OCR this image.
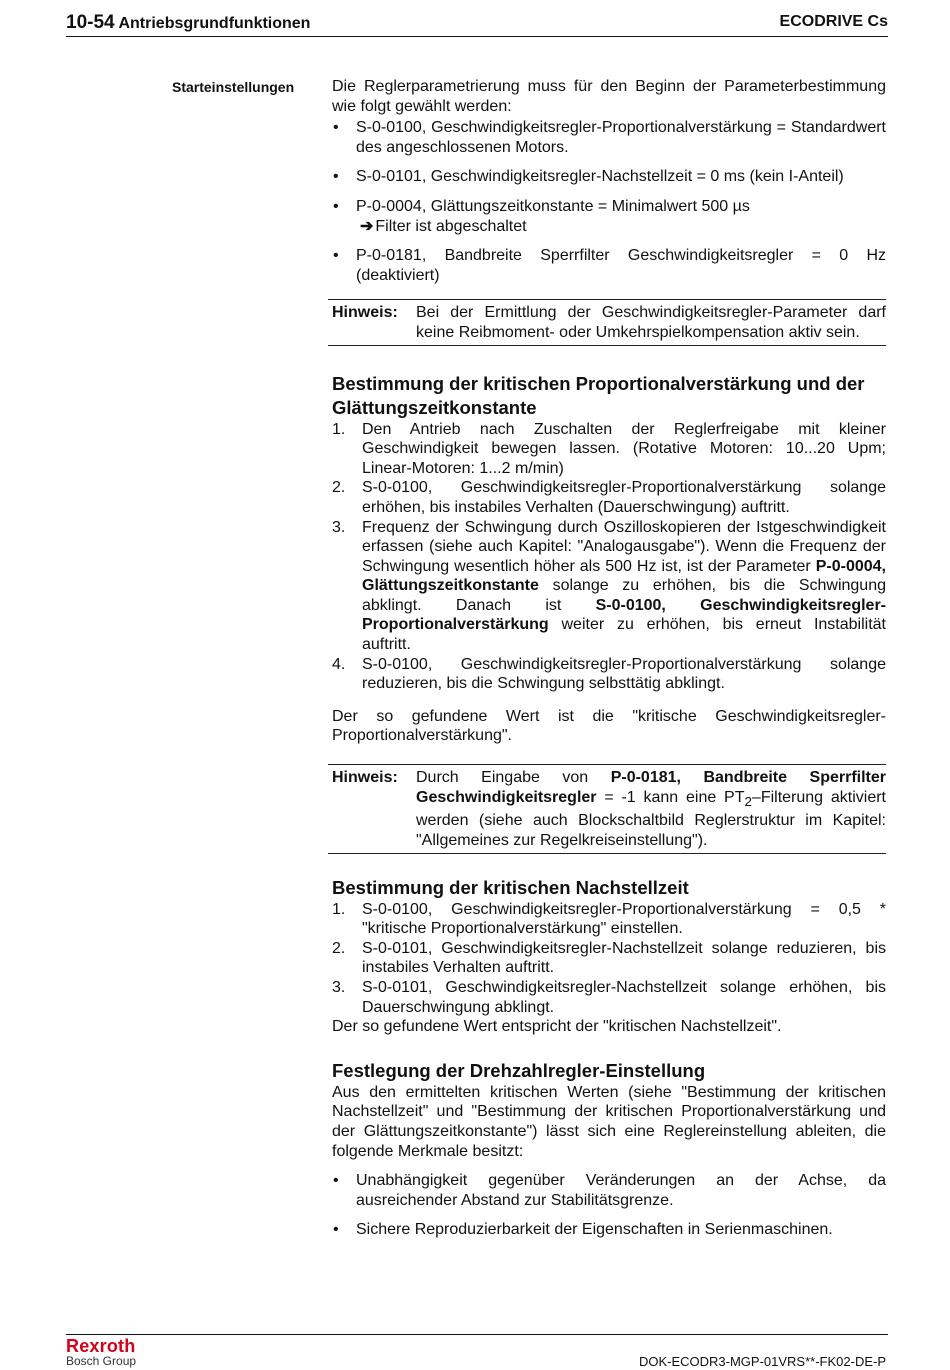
10-54 Antriebsgrundfunktionen	ECODRIVE Cs
Starteinstellungen Die Reglerparametrierung muss für den Beginn der Parameterbestimmung wie folgt gewählt werden:

• S-0-0100, Geschwindigkeitsregler-Proportionalverstärkung = Standardwert des angeschlossenen Motors.
• S-0-0101, Geschwindigkeitsregler-Nachstellzeit = 0 ms (kein I-Anteil)
• P-0-0004, Glättungszeitkonstante = Minimalwert 500 µs
➔ Filter ist abgeschaltet
• P-0-0181, Bandbreite Sperrfilter Geschwindigkeitsregler = 0 Hz (deaktiviert)
Hinweis:	Bei der Ermittlung der Geschwindigkeitsregler-Parameter darf keine Reibmoment- oder Umkehrspielkompensation aktiv sein.
Bestimmung der kritischen Proportionalverstärkung und der Glättungszeitkonstante
1. Den Antrieb nach Zuschalten der Reglerfreigabe mit kleiner Geschwindigkeit bewegen lassen. (Rotative Motoren: 10...20 Upm; Linear-Motoren: 1...2 m/min)
2. S-0-0100, Geschwindigkeitsregler-Proportionalverstärkung solange erhöhen, bis instabiles Verhalten (Dauerschwingung) auftritt.
3. Frequenz der Schwingung durch Oszilloskopieren der Istgeschwindigkeit erfassen (siehe auch Kapitel: "Analogausgabe"). Wenn die Frequenz der Schwingung wesentlich höher als 500 Hz ist, ist der Parameter P-0-0004, Glättungszeitkonstante solange zu erhöhen, bis die Schwingung abklingt. Danach ist S-0-0100, Geschwindigkeitsregler-Proportionalverstärkung weiter zu erhöhen, bis erneut Instabilität auftritt.
4. S-0-0100, Geschwindigkeitsregler-Proportionalverstärkung solange reduzieren, bis die Schwingung selbsttätig abklingt.

Der so gefundene Wert ist die "kritische Geschwindigkeitsregler-Proportionalverstärkung".

Hinweis:	Durch Eingabe von P-0-0181, Bandbreite Sperrfilter Geschwindigkeitsregler = -1 kann eine $PT_2$–Filterung aktiviert werden (siehe auch Blockschaltbild Reglerstruktur im Kapitel: "Allgemeines zur Regelkreiseinstellung").
Bestimmung der kritischen Nachstellzeit
1. S-0-0100, Geschwindigkeitsregler-Proportionalverstärkung = 0,5 * "kritische Proportionalverstärkung" einstellen.
2. S-0-0101, Geschwindigkeitsregler-Nachstellzeit solange reduzieren, bis instabiles Verhalten auftritt.
3. S-0-0101, Geschwindigkeitsregler-Nachstellzeit solange erhöhen, bis Dauerschwingung abklingt.

Der so gefundene Wert entspricht der "kritischen Nachstellzeit".

Festlegung der Drehzahlregler-Einstellung

Aus den ermittelten kritischen Werten (siehe "Bestimmung der kritischen Nachstellzeit" und "Bestimmung der kritischen Proportionalverstärkung und der Glättungszeitkonstante") lässt sich eine Reglereinstellung ableiten, die folgende Merkmale besitzt:

• Unabhängigkeit gegenüber Veränderungen an der Achse, da ausreichender Abstand zur Stabilitätsgrenze.
• Sichere Reproduzierbarkeit der Eigenschaften in Serienmaschinen.
Rexroth
Bosch Group	DOK-ECODR3-MGP-01VRS**-FK02-DE-P
